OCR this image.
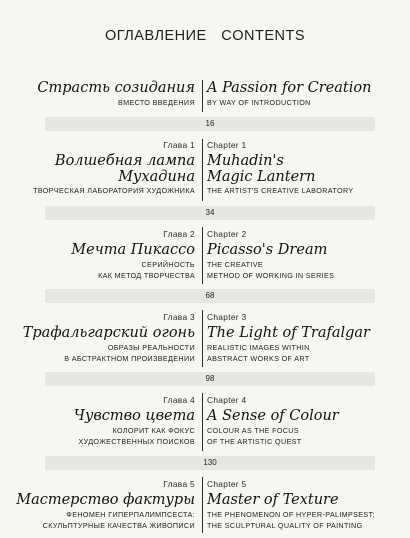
ОГЛАВЛЕНИЕ CONTENTS
Страсть созидания
ВМЕСТО ВВЕДЕНИЯ
A Passion for Creation
BY WAY OF INTRODUCTION
16
34
68
98
130
Глава 1
Волшебная лампа
Мухадина
ТВОРЧЕСКАЯ ЛАБОРАТОРИЯ ХУДОЖНИКА
Chapter 1
Muhadin's
Magic Lantern
THE ARTIST'S CREATIVE LABORATORY
Глава 2
Мечта Пикассо
СЕРИЙНОСТЬ
КАК МЕТОД ТВОРЧЕСТВА
Chapter 2
Picasso's Dream
THE CREATIVE
METHOD OF WORKING IN SERIES
Глава 3
Трафальгарский огонь
ОБРАЗЫ РЕАЛЬНОСТИ
В АБСТРАКТНОМ ПРОИЗВЕДЕНИИ
Chapter 3
The Light of Trafalgar
REALISTIC IMAGES WITHIN
ABSTRACT WORKS OF ART
Глава 4
Чувство цвета
КОЛОРИТ КАК ФОКУС
ХУДОЖЕСТВЕННЫХ ПОИСКОВ
Chapter 4
A Sense of Colour
COLOUR AS THE FOCUS
OF THE ARTISTIC QUEST
Глава 5
Мастерство фактуры
ФЕНОМЕН ГИПЕРПАЛИМПСЕСТА:
СКУЛЬПТУРНЫЕ КАЧЕСТВА ЖИВОПИСИ
Chapter 5
Master of Texture
THE PHENOMENON OF HYPER-PALIMPSEST:
THE SCULPTURAL QUALITY OF PAINTING
